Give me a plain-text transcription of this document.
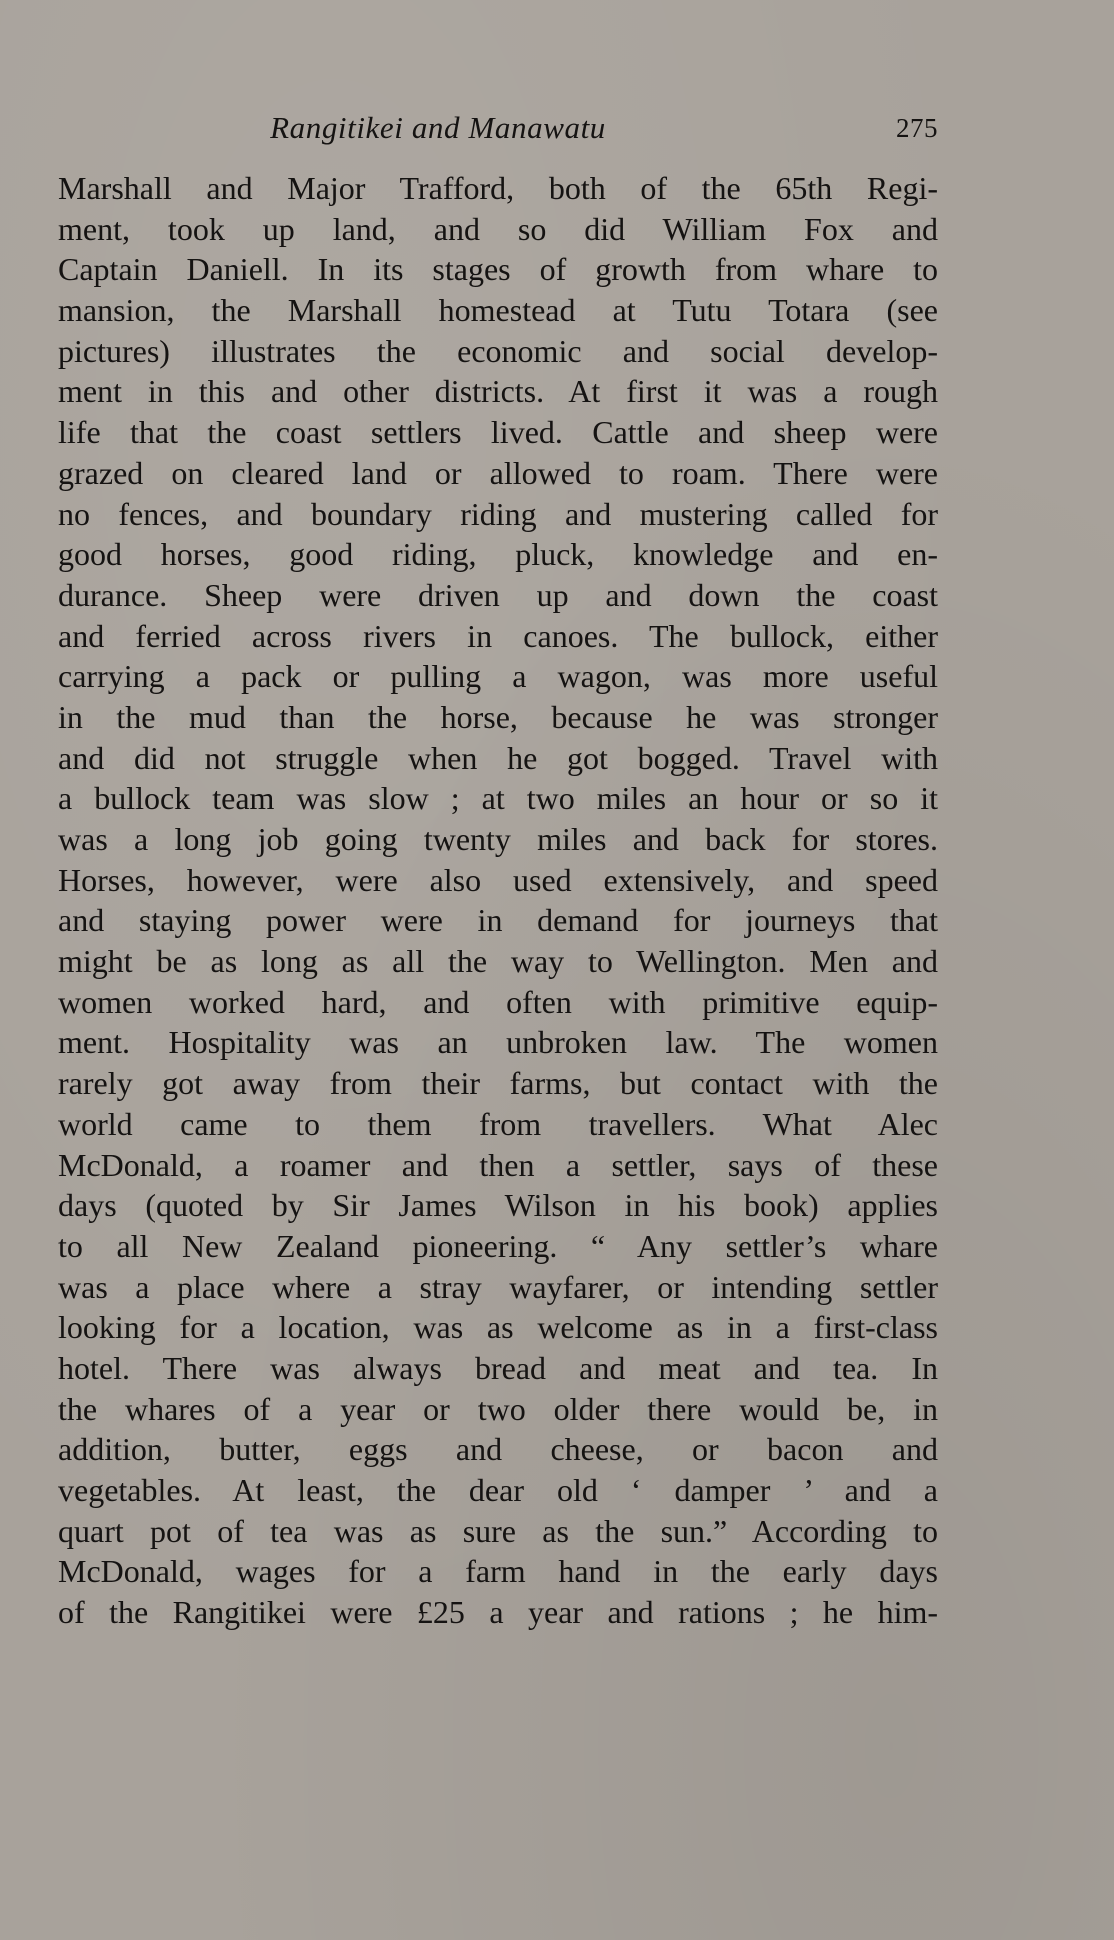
Rangitikei and Manawatu	275
Marshall and Major Trafford, both of the 65th Regi-
ment, took up land, and so did William Fox and
Captain Daniell. In its stages of growth from whare to
mansion, the Marshall homestead at Tutu Totara (see
pictures) illustrates the economic and social develop-
ment in this and other districts. At first it was a rough
life that the coast settlers lived. Cattle and sheep were
grazed on cleared land or allowed to roam. There were
no fences, and boundary riding and mustering called for
good horses, good riding, pluck, knowledge and en-
durance. Sheep were driven up and down the coast
and ferried across rivers in canoes. The bullock, either
carrying a pack or pulling a wagon, was more useful
in the mud than the horse, because he was stronger
and did not struggle when he got bogged. Travel with
a bullock team was slow ; at two miles an hour or so it
was a long job going twenty miles and back for stores.
Horses, however, were also used extensively, and speed
and staying power were in demand for journeys that
might be as long as all the way to Wellington. Men and
women worked hard, and often with primitive equip-
ment. Hospitality was an unbroken law. The women
rarely got away from their farms, but contact with the
world came to them from travellers. What Alec
McDonald, a roamer and then a settler, says of these
days (quoted by Sir James Wilson in his book) applies
to all New Zealand pioneering. “ Any settler’s whare
was a place where a stray wayfarer, or intending settler
looking for a location, was as welcome as in a first-class
hotel. There was always bread and meat and tea. In
the whares of a year or two older there would be, in
addition, butter, eggs and cheese, or bacon and
vegetables. At least, the dear old ‘ damper ’ and a
quart pot of tea was as sure as the sun.” According to
McDonald, wages for a farm hand in the early days
of the Rangitikei were £25 a year and rations ; he him-
